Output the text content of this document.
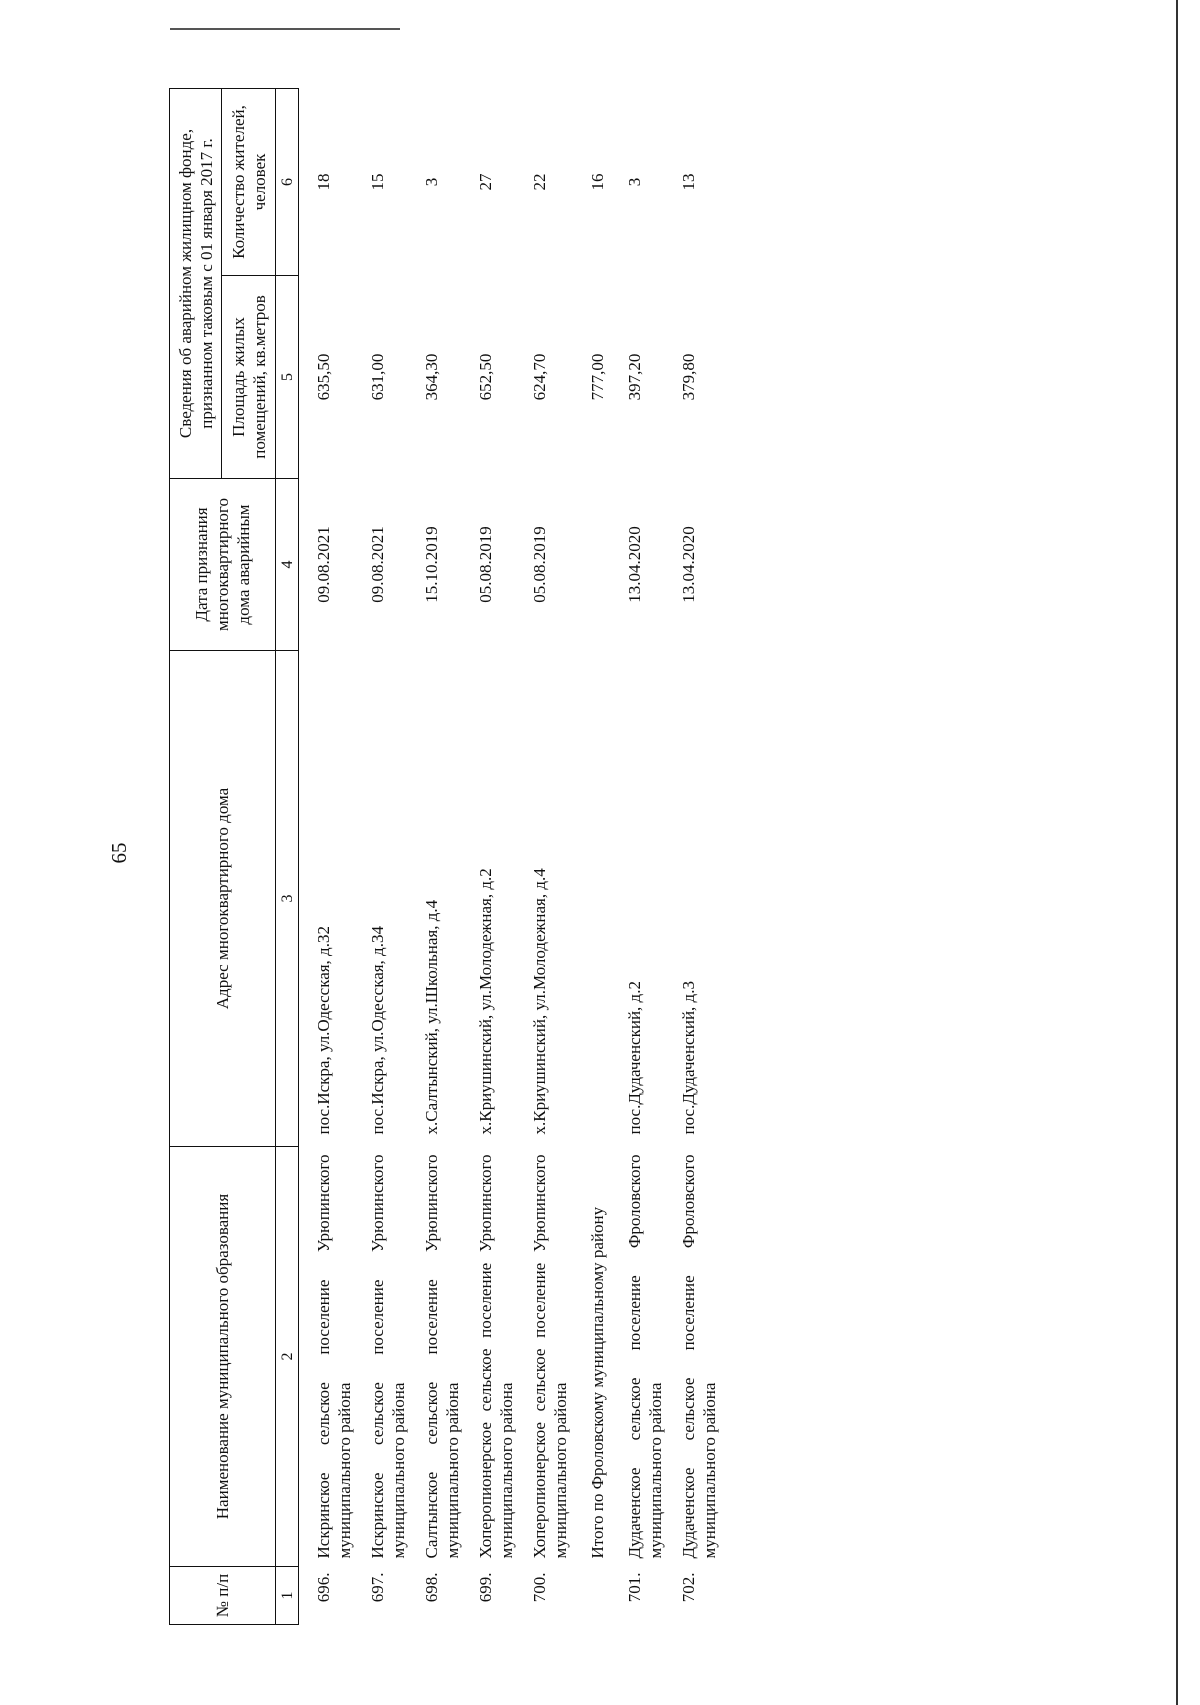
65
№ п/п	Наименование муниципального образования	Адрес многоквартирного дома	Дата признания многоквартирного дома аварийным	Сведения об аварийном жилищном фонде, признанном таковым с 01 января 2017 г.	
				Площадь жилых помещений, кв.метров	Количество жителей, человек
1	2	3	4	5	6

696.	Искринское сельское поселение Урюпинского муниципального района	пос.Искра, ул.Одесская, д.32	09.08.2021	635,50	18
697.	Искринское сельское поселение Урюпинского муниципального района	пос.Искра, ул.Одесская, д.34	09.08.2021	631,00	15
698.	Салтынское сельское поселение Урюпинского муниципального района	х.Салтынский, ул.Школьная, д.4	15.10.2019	364,30	3
699.	Хоперопионерское сельское поселение Урюпинского муниципального района	х.Криушинский, ул.Молодежная, д.2	05.08.2019	652,50	27
700.	Хоперопионерское сельское поселение Урюпинского муниципального района	х.Криушинский, ул.Молодежная, д.4	05.08.2019	624,70	22
	Итого по Фроловскому муниципальному району			777,00	16
701.	Дудаченское сельское поселение Фроловского муниципального района	пос.Дудаченский, д.2	13.04.2020	397,20	3
702.	Дудаченское сельское поселение Фроловского муниципального района	пос.Дудаченский, д.3	13.04.2020	379,80	13
